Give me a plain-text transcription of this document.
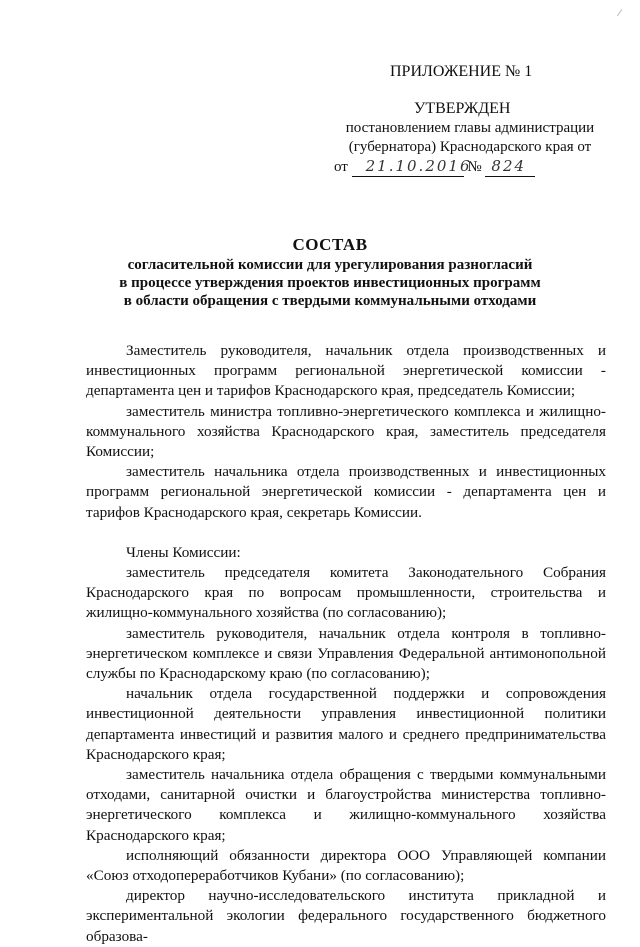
ПРИЛОЖЕНИЕ № 1
УТВЕРЖДЕН
постановлением главы администрации
(губернатора) Краснодарского края от
от 21.10.2016 № 824
СОСТАВ
согласительной комиссии для урегулирования разногласий
в процессе утверждения проектов инвестиционных программ
в области обращения с твердыми коммунальными отходами

Заместитель руководителя, начальник отдела производственных и инвестиционных программ региональной энергетической комиссии - департамента цен и тарифов Краснодарского края, председатель Комиссии;

заместитель министра топливно-энергетического комплекса и жилищно-коммунального хозяйства Краснодарского края, заместитель председателя Комиссии;

заместитель начальника отдела производственных и инвестиционных программ региональной энергетической комиссии - департамента цен и тарифов Краснодарского края, секретарь Комиссии.

Члены Комиссии:

заместитель председателя комитета Законодательного Собрания Краснодарского края по вопросам промышленности, строительства и жилищно-коммунального хозяйства (по согласованию);

заместитель руководителя, начальник отдела контроля в топливно-энергетическом комплексе и связи Управления Федеральной антимонопольной службы по Краснодарскому краю (по согласованию);

начальник отдела государственной поддержки и сопровождения инвестиционной деятельности управления инвестиционной политики департамента инвестиций и развития малого и среднего предпринимательства Краснодарского края;

заместитель начальника отдела обращения с твердыми коммунальными отходами, санитарной очистки и благоустройства министерства топливно-энергетического комплекса и жилищно-коммунального хозяйства Краснодарского края;

исполняющий обязанности директора ООО Управляющей компании «Союз отходопереработчиков Кубани» (по согласованию);

директор научно-исследовательского института прикладной и экспериментальной экологии федерального государственного бюджетного образова-
